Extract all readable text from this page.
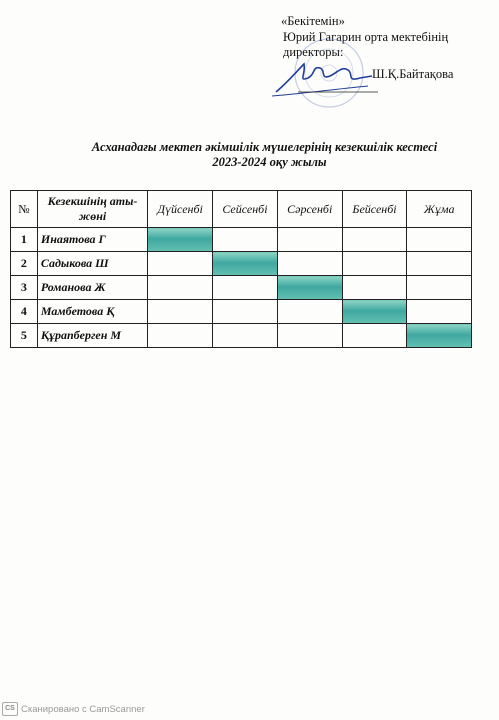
«Бекітемін»
Юрий Гагарин орта мектебінің
директоры:
Ш.Қ.Байтақова
Асханадағы мектеп әкімшілік мүшелерінің кезекшілік кестесі
2023-2024 оқу жылы
№	Кезекшінің аты-жөні	Дүйсенбі	Сейсенбі	Сәрсенбі	Бейсенбі	Жұма
1	Инаятова Г					
2	Садыкова Ш					
3	Романова Ж					
4	Мамбетова Қ					
5	Құрапберген М					
CS Сканировано с CamScanner
